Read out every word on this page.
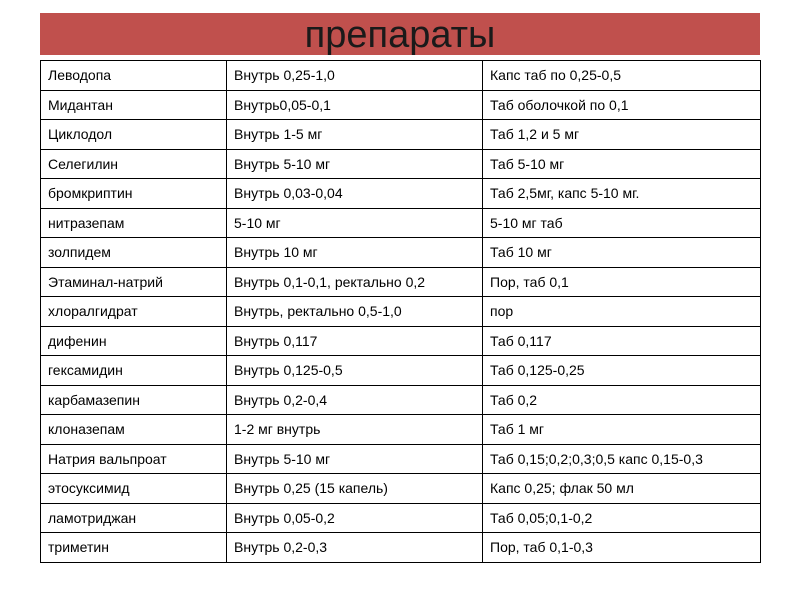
препараты
Леводопа	Внутрь 0,25-1,0	Капс таб по 0,25-0,5
Мидантан	Внутрь0,05-0,1	Таб оболочкой по 0,1
Циклодол	Внутрь 1-5 мг	Таб 1,2 и 5 мг
Селегилин	Внутрь 5-10 мг	Таб 5-10 мг
бромкриптин	Внутрь 0,03-0,04	Таб 2,5мг, капс 5-10 мг.
нитразепам	5-10 мг	5-10 мг таб
золпидем	Внутрь 10 мг	Таб 10 мг
Этаминал-натрий	Внутрь 0,1-0,1, ректально 0,2	Пор, таб 0,1
хлоралгидрат	Внутрь, ректально 0,5-1,0	пор
дифенин	Внутрь 0,117	Таб 0,117
гексамидин	Внутрь 0,125-0,5	Таб 0,125-0,25
карбамазепин	Внутрь 0,2-0,4	Таб 0,2
клоназепам	1-2 мг внутрь	Таб 1 мг
Натрия вальпроат	Внутрь 5-10 мг	Таб 0,15;0,2;0,3;0,5 капс 0,15-0,3
этосуксимид	Внутрь 0,25 (15 капель)	Капс 0,25; флак 50 мл
ламотриджан	Внутрь 0,05-0,2	Таб 0,05;0,1-0,2
триметин	Внутрь 0,2-0,3	Пор, таб 0,1-0,3
